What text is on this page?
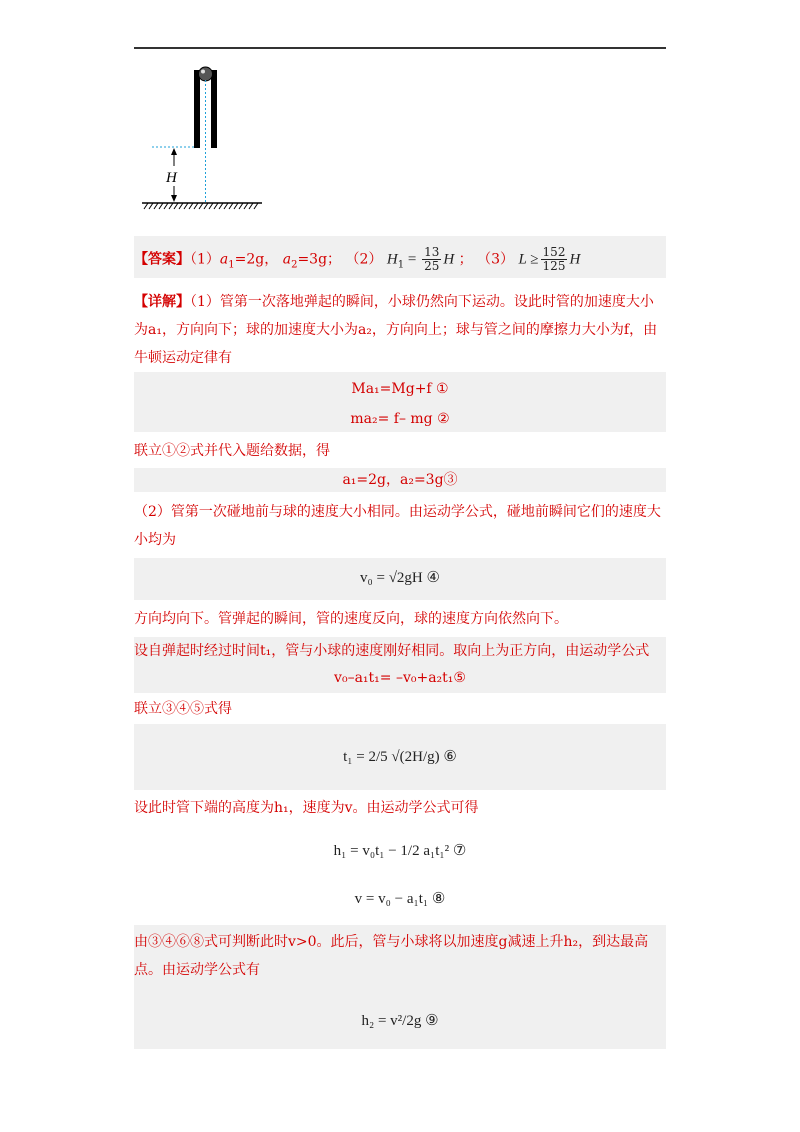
H
【答案】$(1)a_1=2g$， $a_2=3g$； （2） $H_1 = \frac{13}{25}$ H ； （3） $L \ge \frac{152}{125}$ H
【详解】（1）管第一次落地弹起的瞬间，小球仍然向下运动。设此时管的加速度大小为a₁，方向向下；球的加速度大小为a₂，方向向上；球与管之间的摩擦力大小为f，由牛顿运动定律有
Ma₁=Mg+f ①
ma₂= f– mg ②
联立①②式并代入题给数据，得
a₁=2g，a₂=3g③
（2）管第一次碰地前与球的速度大小相同。由运动学公式，碰地前瞬间它们的速度大小均为
v₀ = √2gH ④
方向均向下。管弹起的瞬间，管的速度反向，球的速度方向依然向下。
设自弹起时经过时间t₁，管与小球的速度刚好相同。取向上为正方向，由运动学公式
v₀–a₁t₁= –v₀+a₂t₁⑤
联立③④⑤式得
t₁ = 2/5 √(2H/g) ⑥
设此时管下端的高度为h₁，速度为v。由运动学公式可得
h₁ = v₀t₁ − 1/2 a₁t₁² ⑦
v = v₀ − a₁t₁ ⑧
由③④⑥⑧式可判断此时v>0。此后，管与小球将以加速度g减速上升h₂，到达最高点。由运动学公式有
h₂ = v²/2g ⑨
